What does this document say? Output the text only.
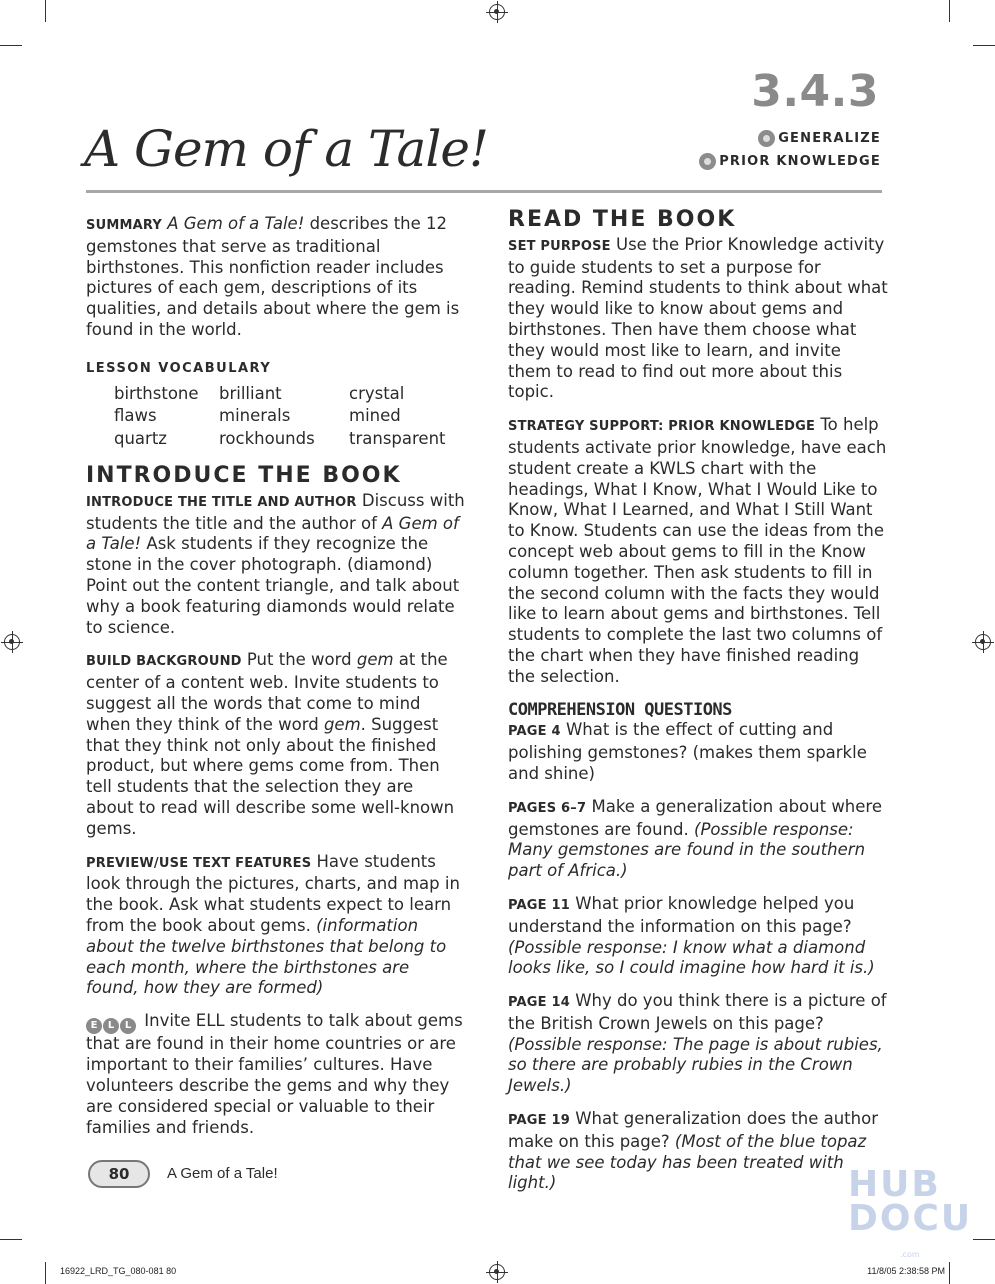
3.4.3
A Gem of a Tale!	GENERALIZE
PRIOR KNOWLEDGE

SUMMARY A Gem of a Tale! describes the 12 gemstones that serve as traditional birthstones. This nonfiction reader includes pictures of each gem, descriptions of its qualities, and details about where the gem is found in the world.

LESSON VOCABULARY
birthstone	brilliant	crystal
flaws	minerals	mined
quartz	rockhounds	transparent
INTRODUCE THE BOOK

INTRODUCE THE TITLE AND AUTHOR Discuss with students the title and the author of A Gem of a Tale! Ask students if they recognize the stone in the cover photograph. (diamond) Point out the content triangle, and talk about why a book featuring diamonds would relate to science.

BUILD BACKGROUND Put the word gem at the center of a content web. Invite students to suggest all the words that come to mind when they think of the word gem. Suggest that they think not only about the finished product, but where gems come from. Then tell students that the selection they are about to read will describe some well-known gems.

PREVIEW/USE TEXT FEATURES Have students look through the pictures, charts, and map in the book. Ask what students expect to learn from the book about gems. (information about the twelve birthstones that belong to each month, where the birthstones are found, how they are formed)

E	L	L Invite ELL students to talk about gems that are found in their home countries or are important to their families’ cultures. Have volunteers describe the gems and why they are considered special or valuable to their families and friends.

READ THE BOOK

SET PURPOSE Use the Prior Knowledge activity to guide students to set a purpose for reading. Remind students to think about what they would like to know about gems and birthstones. Then have them choose what they would most like to learn, and invite them to read to find out more about this topic.

STRATEGY SUPPORT: PRIOR KNOWLEDGE To help students activate prior knowledge, have each student create a KWLS chart with the headings, What I Know, What I Would Like to Know, What I Learned, and What I Still Want to Know. Students can use the ideas from the concept web about gems to fill in the Know column together. Then ask students to fill in the second column with the facts they would like to learn about gems and birthstones. Tell students to complete the last two columns of the chart when they have finished reading the selection.

COMPREHENSION QUESTIONS

PAGE 4 What is the effect of cutting and polishing gemstones? (makes them sparkle and shine)

PAGES 6–7 Make a generalization about where gemstones are found. (Possible response: Many gemstones are found in the southern part of Africa.)

PAGE 11 What prior knowledge helped you understand the information on this page? (Possible response: I know what a diamond looks like, so I could imagine how hard it is.)

PAGE 14 Why do you think there is a picture of the British Crown Jewels on this page? (Possible response: The page is about rubies, so there are probably rubies in the Crown Jewels.)

PAGE 19 What generalization does the author make on this page? (Most of the blue topaz that we see today has been treated with light.)

80	A Gem of a Tale!
16922_LRD_TG_080-081 80	11/8/05 2:38:58 PM
HUB
DOCU
.com
